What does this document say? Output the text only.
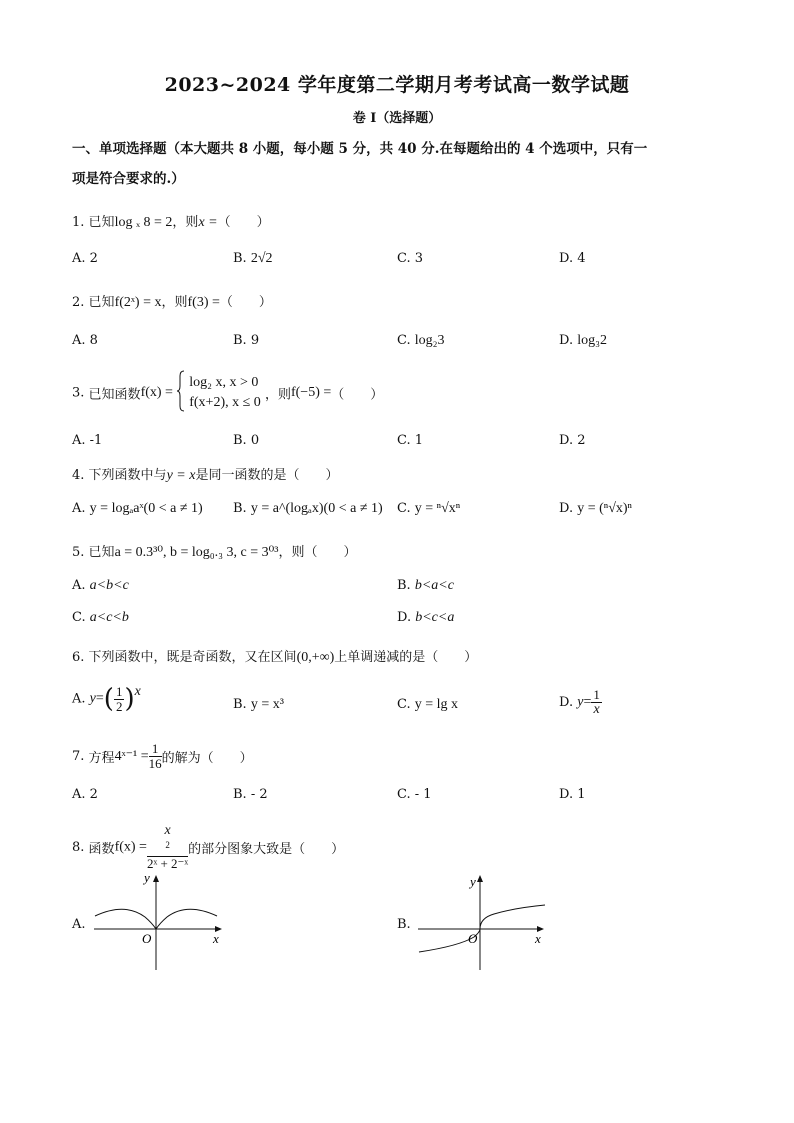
2023~2024 学年度第二学期月考考试高一数学试题
卷 I（选择题）
一、单项选择题（本大题共 8 小题，每小题 5 分，共 40 分.在每题给出的 4 个选项中，只有一
项是符合要求的.）
1. 已知log ₓ 8 = 2，则x =（　　）
A. 2	B. 2√2	C. 3	D. 4
2. 已知f(2ˣ) = x，则f(3) =（　　）
A. 8	B. 9	C. log₂3	D. log₃2
3. 已知函数f(x) =
log₂ x, x > 0
f(x+2), x ≤ 0 ，则f(−5) =（　　）
A. -1	B. 0	C. 1	D. 2
4. 下列函数中与y = x是同一函数的是（　　）
A. y = logₐaˣ(0 < a ≠ 1) B. y = a^(logₐx)(0 < a ≠ 1) C. y = ⁿ√xⁿ	D. y = (ⁿ√x)ⁿ
5. 已知a = 0.3³⁰, b = log₀.₃ 3, c = 3⁰³，则（　　）
A. a<b<c	B. b<a<c
C. a<c<b	D. b<c<a
6. 下列函数中，既是奇函数，又在区间(0,+∞)上单调递减的是（　　）
A. $y=( \frac{1}{2} )^x$
B. y = x³	C. y = lg x	D. $y= \frac{1}{x}$
7. 方程4ˣ⁻¹ = $\frac{1}{16}$ 的解为（　　）
A. 2	B. - 2	C. - 1	D. 1
8. 函数f(x) = x
$^2$
2ˣ + 2⁻ˣ 的部分图象大致是（　　）
A.
y
x
O
B.
y
x
O
